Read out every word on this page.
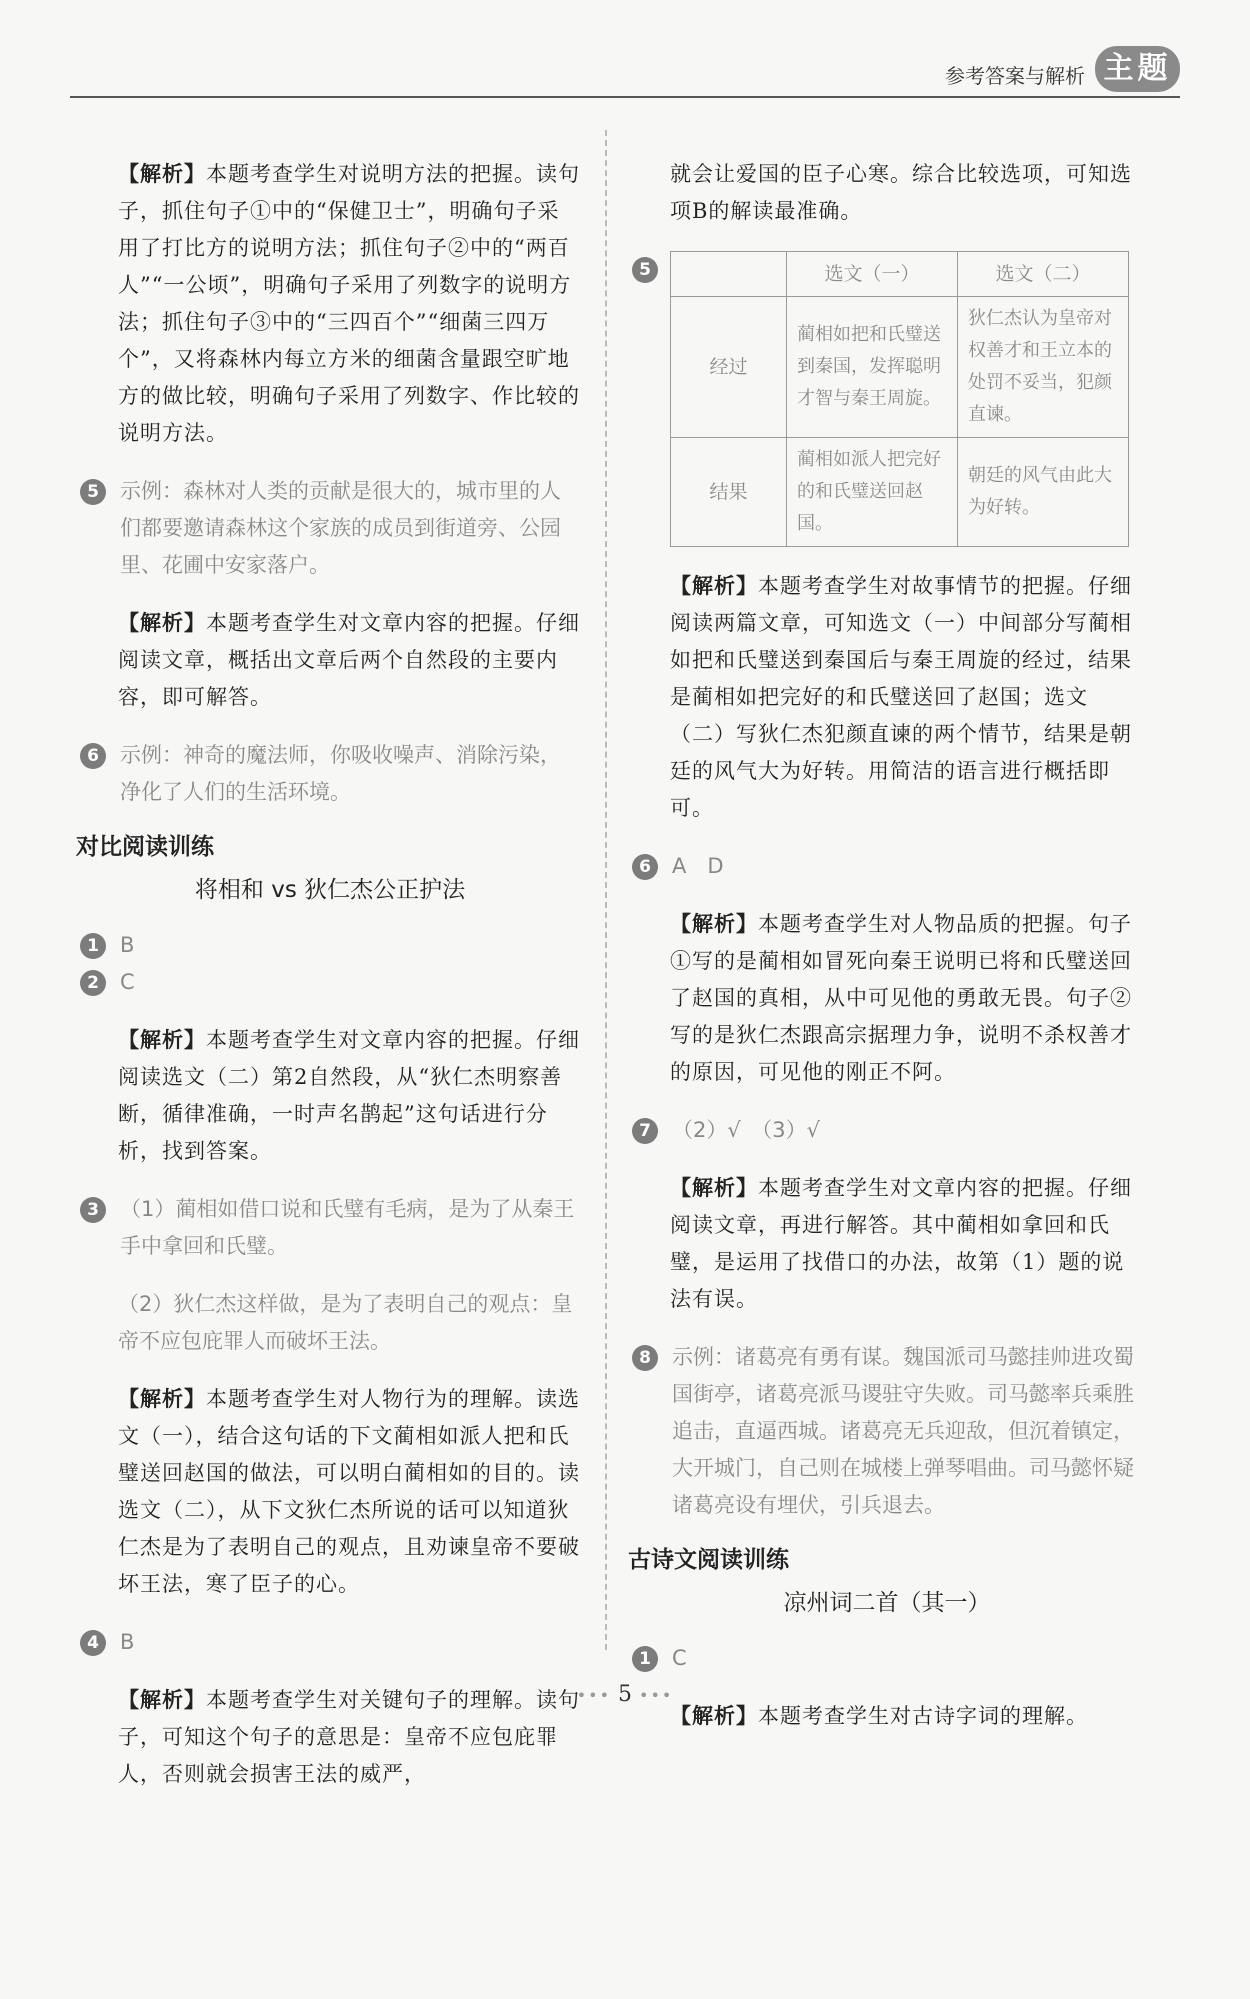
参考答案与解析 主题

【解析】本题考查学生对说明方法的把握。读句子，抓住句子①中的“保健卫士”，明确句子采用了打比方的说明方法；抓住句子②中的“两百人”“一公顷”，明确句子采用了列数字的说明方法；抓住句子③中的“三四百个”“细菌三四万个”，又将森林内每立方米的细菌含量跟空旷地方的做比较，明确句子采用了列数字、作比较的说明方法。

5	示例：森林对人类的贡献是很大的，城市里的人们都要邀请森林这个家族的成员到街道旁、公园里、花圃中安家落户。

【解析】本题考查学生对文章内容的把握。仔细阅读文章，概括出文章后两个自然段的主要内容，即可解答。

6	示例：神奇的魔法师，你吸收噪声、消除污染，净化了人们的生活环境。

对比阅读训练
将相和 vs 狄仁杰公正护法

1	B

2	C

【解析】本题考查学生对文章内容的把握。仔细阅读选文（二）第2自然段，从“狄仁杰明察善断，循律准确，一时声名鹊起”这句话进行分析，找到答案。

3	（1）蔺相如借口说和氏璧有毛病，是为了从秦王手中拿回和氏璧。

（2）狄仁杰这样做，是为了表明自己的观点：皇帝不应包庇罪人而破坏王法。

【解析】本题考查学生对人物行为的理解。读选文（一），结合这句话的下文蔺相如派人把和氏璧送回赵国的做法，可以明白蔺相如的目的。读选文（二），从下文狄仁杰所说的话可以知道狄仁杰是为了表明自己的观点，且劝谏皇帝不要破坏王法，寒了臣子的心。

4	B

【解析】本题考查学生对关键句子的理解。读句子，可知这个句子的意思是：皇帝不应包庇罪人，否则就会损害王法的威严，

就会让爱国的臣子心寒。综合比较选项，可知选项B的解读最准确。

5
		选文（一）	选文（二）
经过	蔺相如把和氏璧送到秦国，发挥聪明才智与秦王周旋。	狄仁杰认为皇帝对权善才和王立本的处罚不妥当，犯颜直谏。
结果	蔺相如派人把完好的和氏璧送回赵国。	朝廷的风气由此大为好转。

【解析】本题考查学生对故事情节的把握。仔细阅读两篇文章，可知选文（一）中间部分写蔺相如把和氏璧送到秦国后与秦王周旋的经过，结果是蔺相如把完好的和氏璧送回了赵国；选文（二）写狄仁杰犯颜直谏的两个情节，结果是朝廷的风气大为好转。用简洁的语言进行概括即可。

6	A　D

【解析】本题考查学生对人物品质的把握。句子①写的是蔺相如冒死向秦王说明已将和氏璧送回了赵国的真相，从中可见他的勇敢无畏。句子②写的是狄仁杰跟高宗据理力争，说明不杀权善才的原因，可见他的刚正不阿。

7	（2）√　（3）√

【解析】本题考查学生对文章内容的把握。仔细阅读文章，再进行解答。其中蔺相如拿回和氏璧，是运用了找借口的办法，故第（1）题的说法有误。

8	示例：诸葛亮有勇有谋。魏国派司马懿挂帅进攻蜀国街亭，诸葛亮派马谡驻守失败。司马懿率兵乘胜追击，直逼西城。诸葛亮无兵迎敌，但沉着镇定，大开城门，自己则在城楼上弹琴唱曲。司马懿怀疑诸葛亮设有埋伏，引兵退去。

古诗文阅读训练
凉州词二首（其一）

1	C

【解析】本题考查学生对古诗字词的理解。

••• 5 •••
